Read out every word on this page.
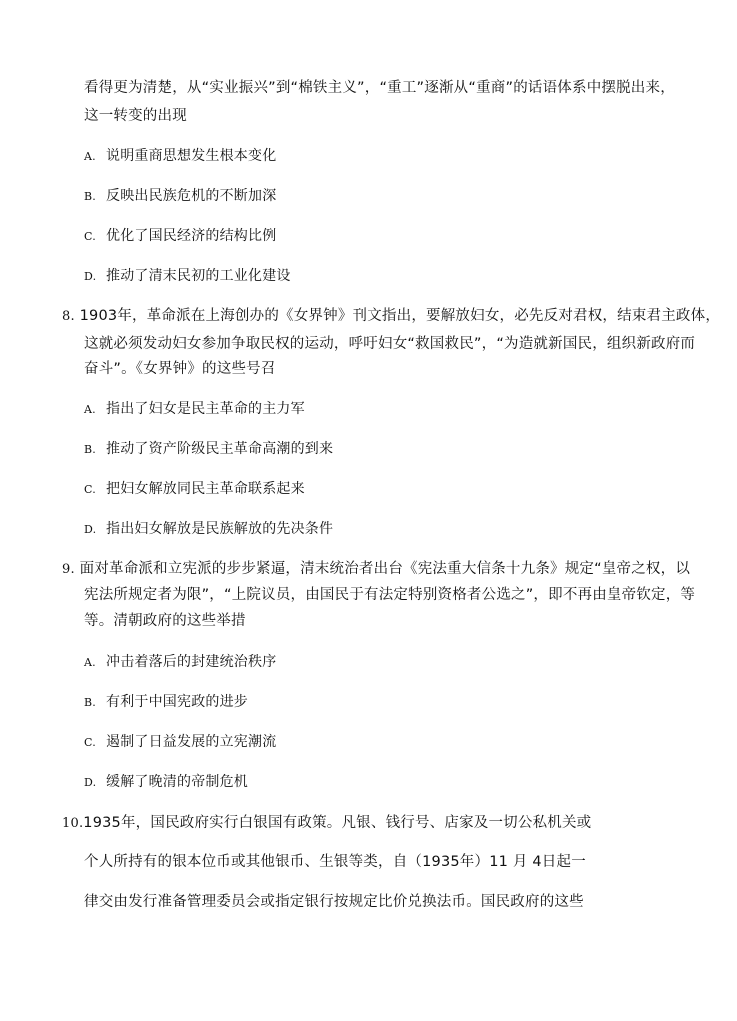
看得更为清楚，从“实业振兴”到“棉铁主义”，“重工”逐渐从“重商”的话语体系中摆脱出来，
这一转变的出现
A. 说明重商思想发生根本变化
B. 反映出民族危机的不断加深
C. 优化了国民经济的结构比例
D. 推动了清末民初的工业化建设
8. 1903年，革命派在上海创办的《女界钟》刊文指出，要解放妇女，必先反对君权，结束君主政体，
这就必须发动妇女参加争取民权的运动，呼吁妇女“救国救民”，“为造就新国民，组织新政府而
奋斗”。《女界钟》的这些号召
A. 指出了妇女是民主革命的主力军
B. 推动了资产阶级民主革命高潮的到来
C. 把妇女解放同民主革命联系起来
D. 指出妇女解放是民族解放的先决条件
9. 面对革命派和立宪派的步步紧逼，清末统治者出台《宪法重大信条十九条》规定“皇帝之权，以
宪法所规定者为限”，“上院议员，由国民于有法定特别资格者公选之”，即不再由皇帝钦定，等
等。清朝政府的这些举措
A. 冲击着落后的封建统治秩序
B. 有利于中国宪政的进步
C. 遏制了日益发展的立宪潮流
D. 缓解了晚清的帝制危机
10.1935年，国民政府实行白银国有政策。凡银、钱行号、店家及一切公私机关或
个人所持有的银本位币或其他银币、生银等类，自（1935年）11 月 4日起一
律交由发行准备管理委员会或指定银行按规定比价兑换法币。国民政府的这些
